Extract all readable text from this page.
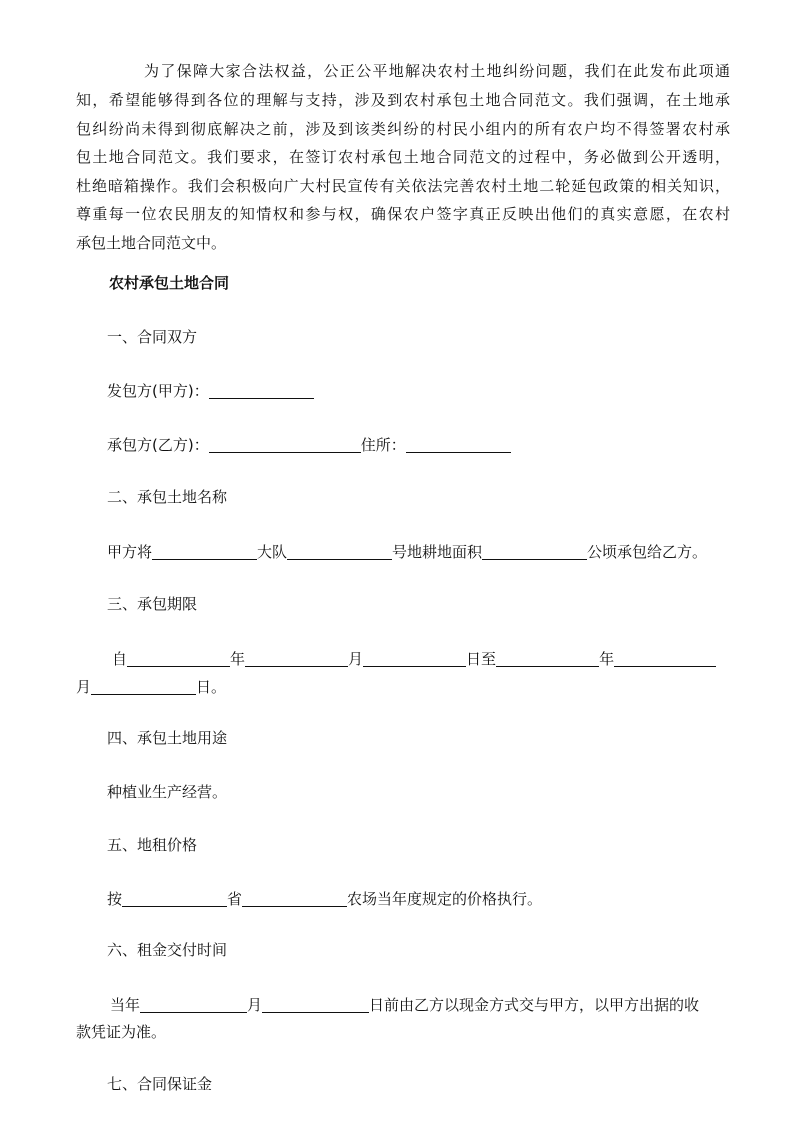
为了保障大家合法权益，公正公平地解决农村土地纠纷问题，我们在此发布此项通

知，希望能够得到各位的理解与支持，涉及到农村承包土地合同范文。我们强调，在土地承

包纠纷尚未得到彻底解决之前，涉及到该类纠纷的村民小组内的所有农户均不得签署农村承

包土地合同范文。我们要求，在签订农村承包土地合同范文的过程中，务必做到公开透明，

杜绝暗箱操作。我们会积极向广大村民宣传有关依法完善农村土地二轮延包政策的相关知识，

尊重每一位农民朋友的知情权和参与权，确保农户签字真正反映出他们的真实意愿，在农村

承包土地合同范文中。

农村承包土地合同

一、合同双方

发包方(甲方)：

承包方(乙方)：	住所：

二、承包土地名称

甲方将	大队	号地耕地面积	公顷承包给乙方。

三、承包期限

自	年	月	日至	年

月	日。

四、承包土地用途

种植业生产经营。

五、地租价格

按	省	农场当年度规定的价格执行。

六、租金交付时间

当年	月	日前由乙方以现金方式交与甲方，以甲方出据的收

款凭证为准。

七、合同保证金
